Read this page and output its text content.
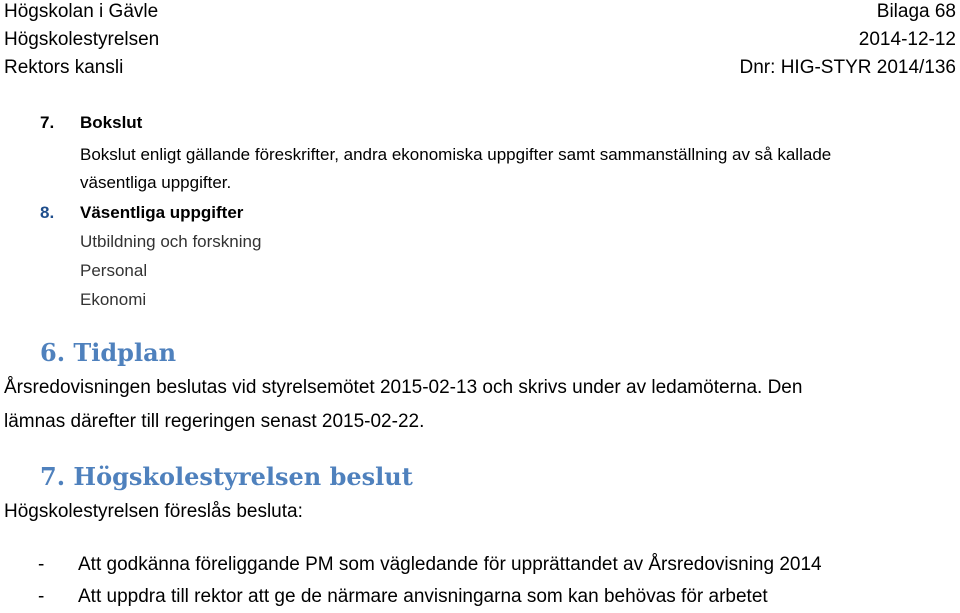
Högskolan i Gävle	Bilaga 68
Högskolestyrelsen	2014-12-12
Rektors kansli	Dnr: HIG-STYR 2014/136
7. Bokslut
Bokslut enligt gällande föreskrifter, andra ekonomiska uppgifter samt sammanställning av så kallade
väsentliga uppgifter.
8. Väsentliga uppgifter
Utbildning och forskning
Personal
Ekonomi
6. Tidplan
Årsredovisningen beslutas vid styrelsemötet 2015-02-13 och skrivs under av ledamöterna. Den
lämnas därefter till regeringen senast 2015-02-22.
7. Högskolestyrelsen beslut
Högskolestyrelsen föreslås besluta:
-	Att godkänna föreliggande PM som vägledande för upprättandet av Årsredovisning 2014
-	Att uppdra till rektor att ge de närmare anvisningarna som kan behövas för arbetet
